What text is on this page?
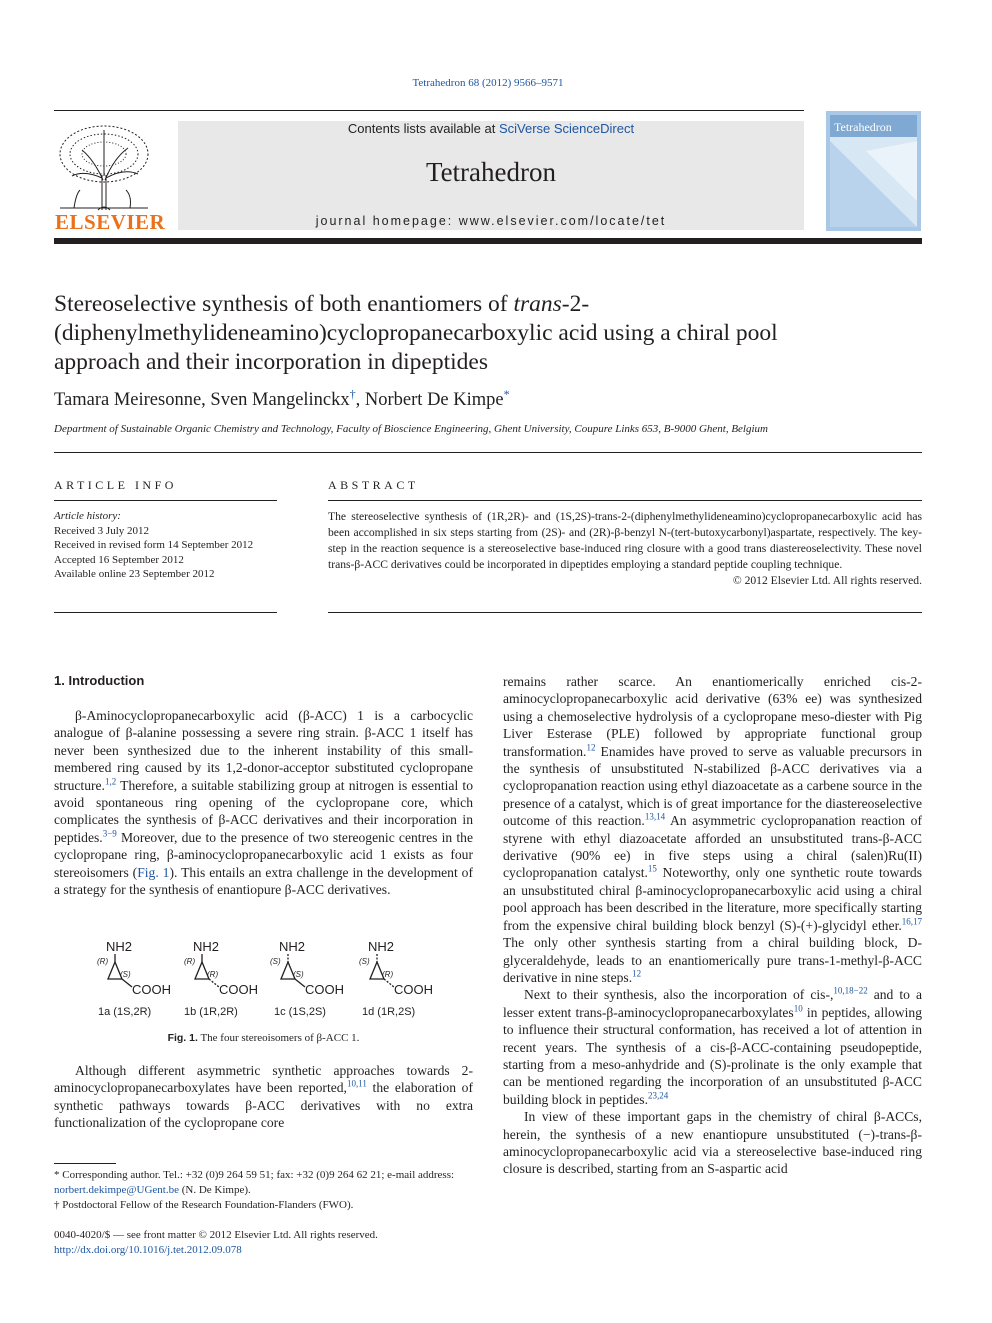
Tetrahedron 68 (2012) 9566–9571
ELSEVIER
Contents lists available at SciVerse ScienceDirect
Tetrahedron
journal homepage: www.elsevier.com/locate/tet
Tetrahedron
Stereoselective synthesis of both enantiomers of trans-2-
(diphenylmethylideneamino)cyclopropanecarboxylic acid using a chiral pool
approach and their incorporation in dipeptides
Tamara Meiresonne, Sven Mangelinckx†, Norbert De Kimpe*
Department of Sustainable Organic Chemistry and Technology, Faculty of Bioscience Engineering, Ghent University, Coupure Links 653, B-9000 Ghent, Belgium
ARTICLE INFO
Article history:
Received 3 July 2012
Received in revised form 14 September 2012
Accepted 16 September 2012
Available online 23 September 2012
ABSTRACT
The stereoselective synthesis of (1R,2R)- and (1S,2S)-trans-2-(diphenylmethylideneamino)cyclopropanecarboxylic acid has been accomplished in six steps starting from (2S)- and (2R)-β-benzyl N-(tert-butoxycarbonyl)aspartate, respectively. The key-step in the reaction sequence is a stereoselective base-induced ring closure with a good trans diastereoselectivity. These novel trans-β-ACC derivatives could be incorporated in dipeptides employing a standard peptide coupling technique.
© 2012 Elsevier Ltd. All rights reserved.
1. Introduction

β-Aminocyclopropanecarboxylic acid (β-ACC) 1 is a carbocyclic analogue of β-alanine possessing a severe ring strain. β-ACC 1 itself has never been synthesized due to the inherent instability of this small-membered ring caused by its 1,2-donor-acceptor substituted cyclopropane structure.$^{1,2}$ Therefore, a suitable stabilizing group at nitrogen is essential to avoid spontaneous ring opening of the cyclopropane core, which complicates the synthesis of β-ACC derivatives and their incorporation in peptides.$^{3-9}$ Moreover, due to the presence of two stereogenic centres in the cyclopropane ring, β-aminocyclopropanecarboxylic acid 1 exists as four stereoisomers (Fig. 1). This entails an extra challenge in the development of a strategy for the synthesis of enantiopure β-ACC derivatives.

NH2
COOH
(R)
(S)
1a (1S,2R)
NH2
COOH
(R)
(R)
1b (1R,2R)
NH2
COOH
(S)
(S)
1c (1S,2S)
NH2
COOH
(S)
(R)
1d (1R,2S)
Fig. 1. The four stereoisomers of β-ACC 1.

Although different asymmetric synthetic approaches towards 2-aminocyclopropanecarboxylates have been reported,$^{10,11}$ the elaboration of synthetic pathways towards β-ACC derivatives with no extra functionalization of the cyclopropane core

* Corresponding author. Tel.: +32 (0)9 264 59 51; fax: +32 (0)9 264 62 21; e-mail address: norbert.dekimpe@UGent.be (N. De Kimpe).
† Postdoctoral Fellow of the Research Foundation-Flanders (FWO).
0040-4020/$ — see front matter © 2012 Elsevier Ltd. All rights reserved.
http://dx.doi.org/10.1016/j.tet.2012.09.078

remains rather scarce. An enantiomerically enriched cis-2-aminocyclopropanecarboxylic acid derivative (63% ee) was synthesized using a chemoselective hydrolysis of a cyclopropane meso-diester with Pig Liver Esterase (PLE) followed by appropriate functional group transformation.$^{12}$ Enamides have proved to serve as valuable precursors in the synthesis of unsubstituted N-stabilized β-ACC derivatives via a cyclopropanation reaction using ethyl diazoacetate as a carbene source in the presence of a catalyst, which is of great importance for the diastereoselective outcome of this reaction.$^{13,14}$ An asymmetric cyclopropanation reaction of styrene with ethyl diazoacetate afforded an unsubstituted trans-β-ACC derivative (90% ee) in five steps using a chiral (salen)Ru(II) cyclopropanation catalyst.$^{15}$ Noteworthy, only one synthetic route towards an unsubstituted chiral β-aminocyclopropanecarboxylic acid using a chiral pool approach has been described in the literature, more specifically starting from the expensive chiral building block benzyl (S)-(+)-glycidyl ether.$^{16,17}$ The only other synthesis starting from a chiral building block, D-glyceraldehyde, leads to an enantiomerically pure trans-1-methyl-β-ACC derivative in nine steps.$^{12}$

Next to their synthesis, also the incorporation of cis-,$^{10,18-22}$ and to a lesser extent trans-β-aminocyclopropanecarboxylates$^{10}$ in peptides, allowing to influence their structural conformation, has received a lot of attention in recent years. The synthesis of a cis-β-ACC-containing pseudopeptide, starting from a meso-anhydride and (S)-prolinate is the only example that can be mentioned regarding the incorporation of an unsubstituted β-ACC building block in peptides.$^{23,24}$

In view of these important gaps in the chemistry of chiral β-ACCs, herein, the synthesis of a new enantiopure unsubstituted (−)-trans-β-aminocyclopropanecarboxylic acid via a stereoselective base-induced ring closure is described, starting from an S-aspartic acid
